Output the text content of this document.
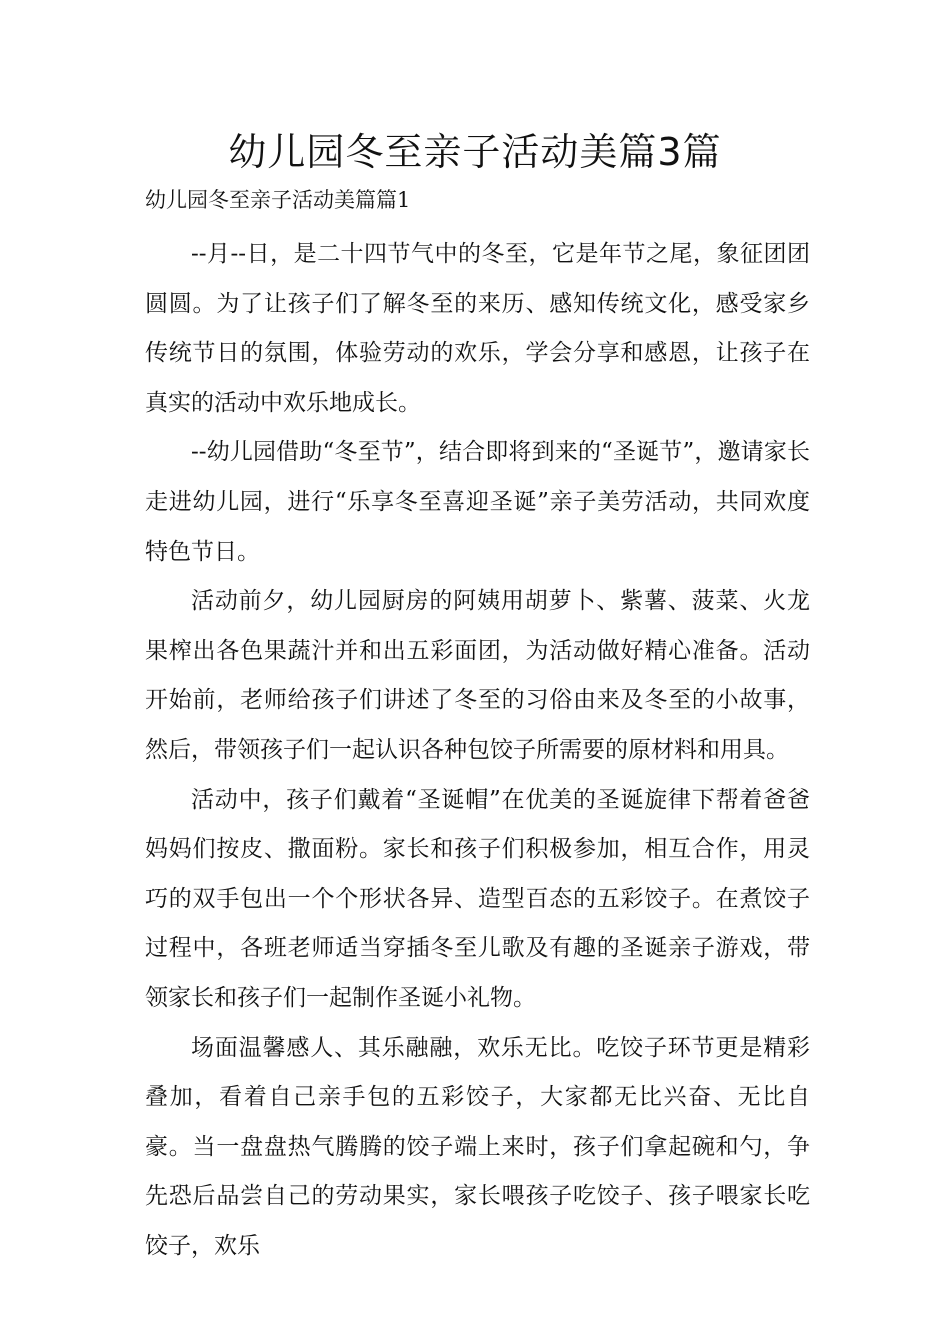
幼儿园冬至亲子活动美篇3篇
幼儿园冬至亲子活动美篇篇1

--月--日，是二十四节气中的冬至，它是年节之尾，象征团团圆圆。为了让孩子们了解冬至的来历、感知传统文化，感受家乡传统节日的氛围，体验劳动的欢乐，学会分享和感恩，让孩子在真实的活动中欢乐地成长。

--幼儿园借助“冬至节”，结合即将到来的“圣诞节”，邀请家长走进幼儿园，进行“乐享冬至喜迎圣诞”亲子美劳活动，共同欢度特色节日。

活动前夕，幼儿园厨房的阿姨用胡萝卜、紫薯、菠菜、火龙果榨出各色果蔬汁并和出五彩面团，为活动做好精心准备。活动开始前，老师给孩子们讲述了冬至的习俗由来及冬至的小故事，然后，带领孩子们一起认识各种包饺子所需要的原材料和用具。

活动中，孩子们戴着“圣诞帽”在优美的圣诞旋律下帮着爸爸妈妈们按皮、撒面粉。家长和孩子们积极参加，相互合作，用灵巧的双手包出一个个形状各异、造型百态的五彩饺子。在煮饺子过程中，各班老师适当穿插冬至儿歌及有趣的圣诞亲子游戏，带领家长和孩子们一起制作圣诞小礼物。

场面温馨感人、其乐融融，欢乐无比。吃饺子环节更是精彩叠加，看着自己亲手包的五彩饺子，大家都无比兴奋、无比自豪。当一盘盘热气腾腾的饺子端上来时，孩子们拿起碗和勺，争先恐后品尝自己的劳动果实，家长喂孩子吃饺子、孩子喂家长吃饺子，欢乐
